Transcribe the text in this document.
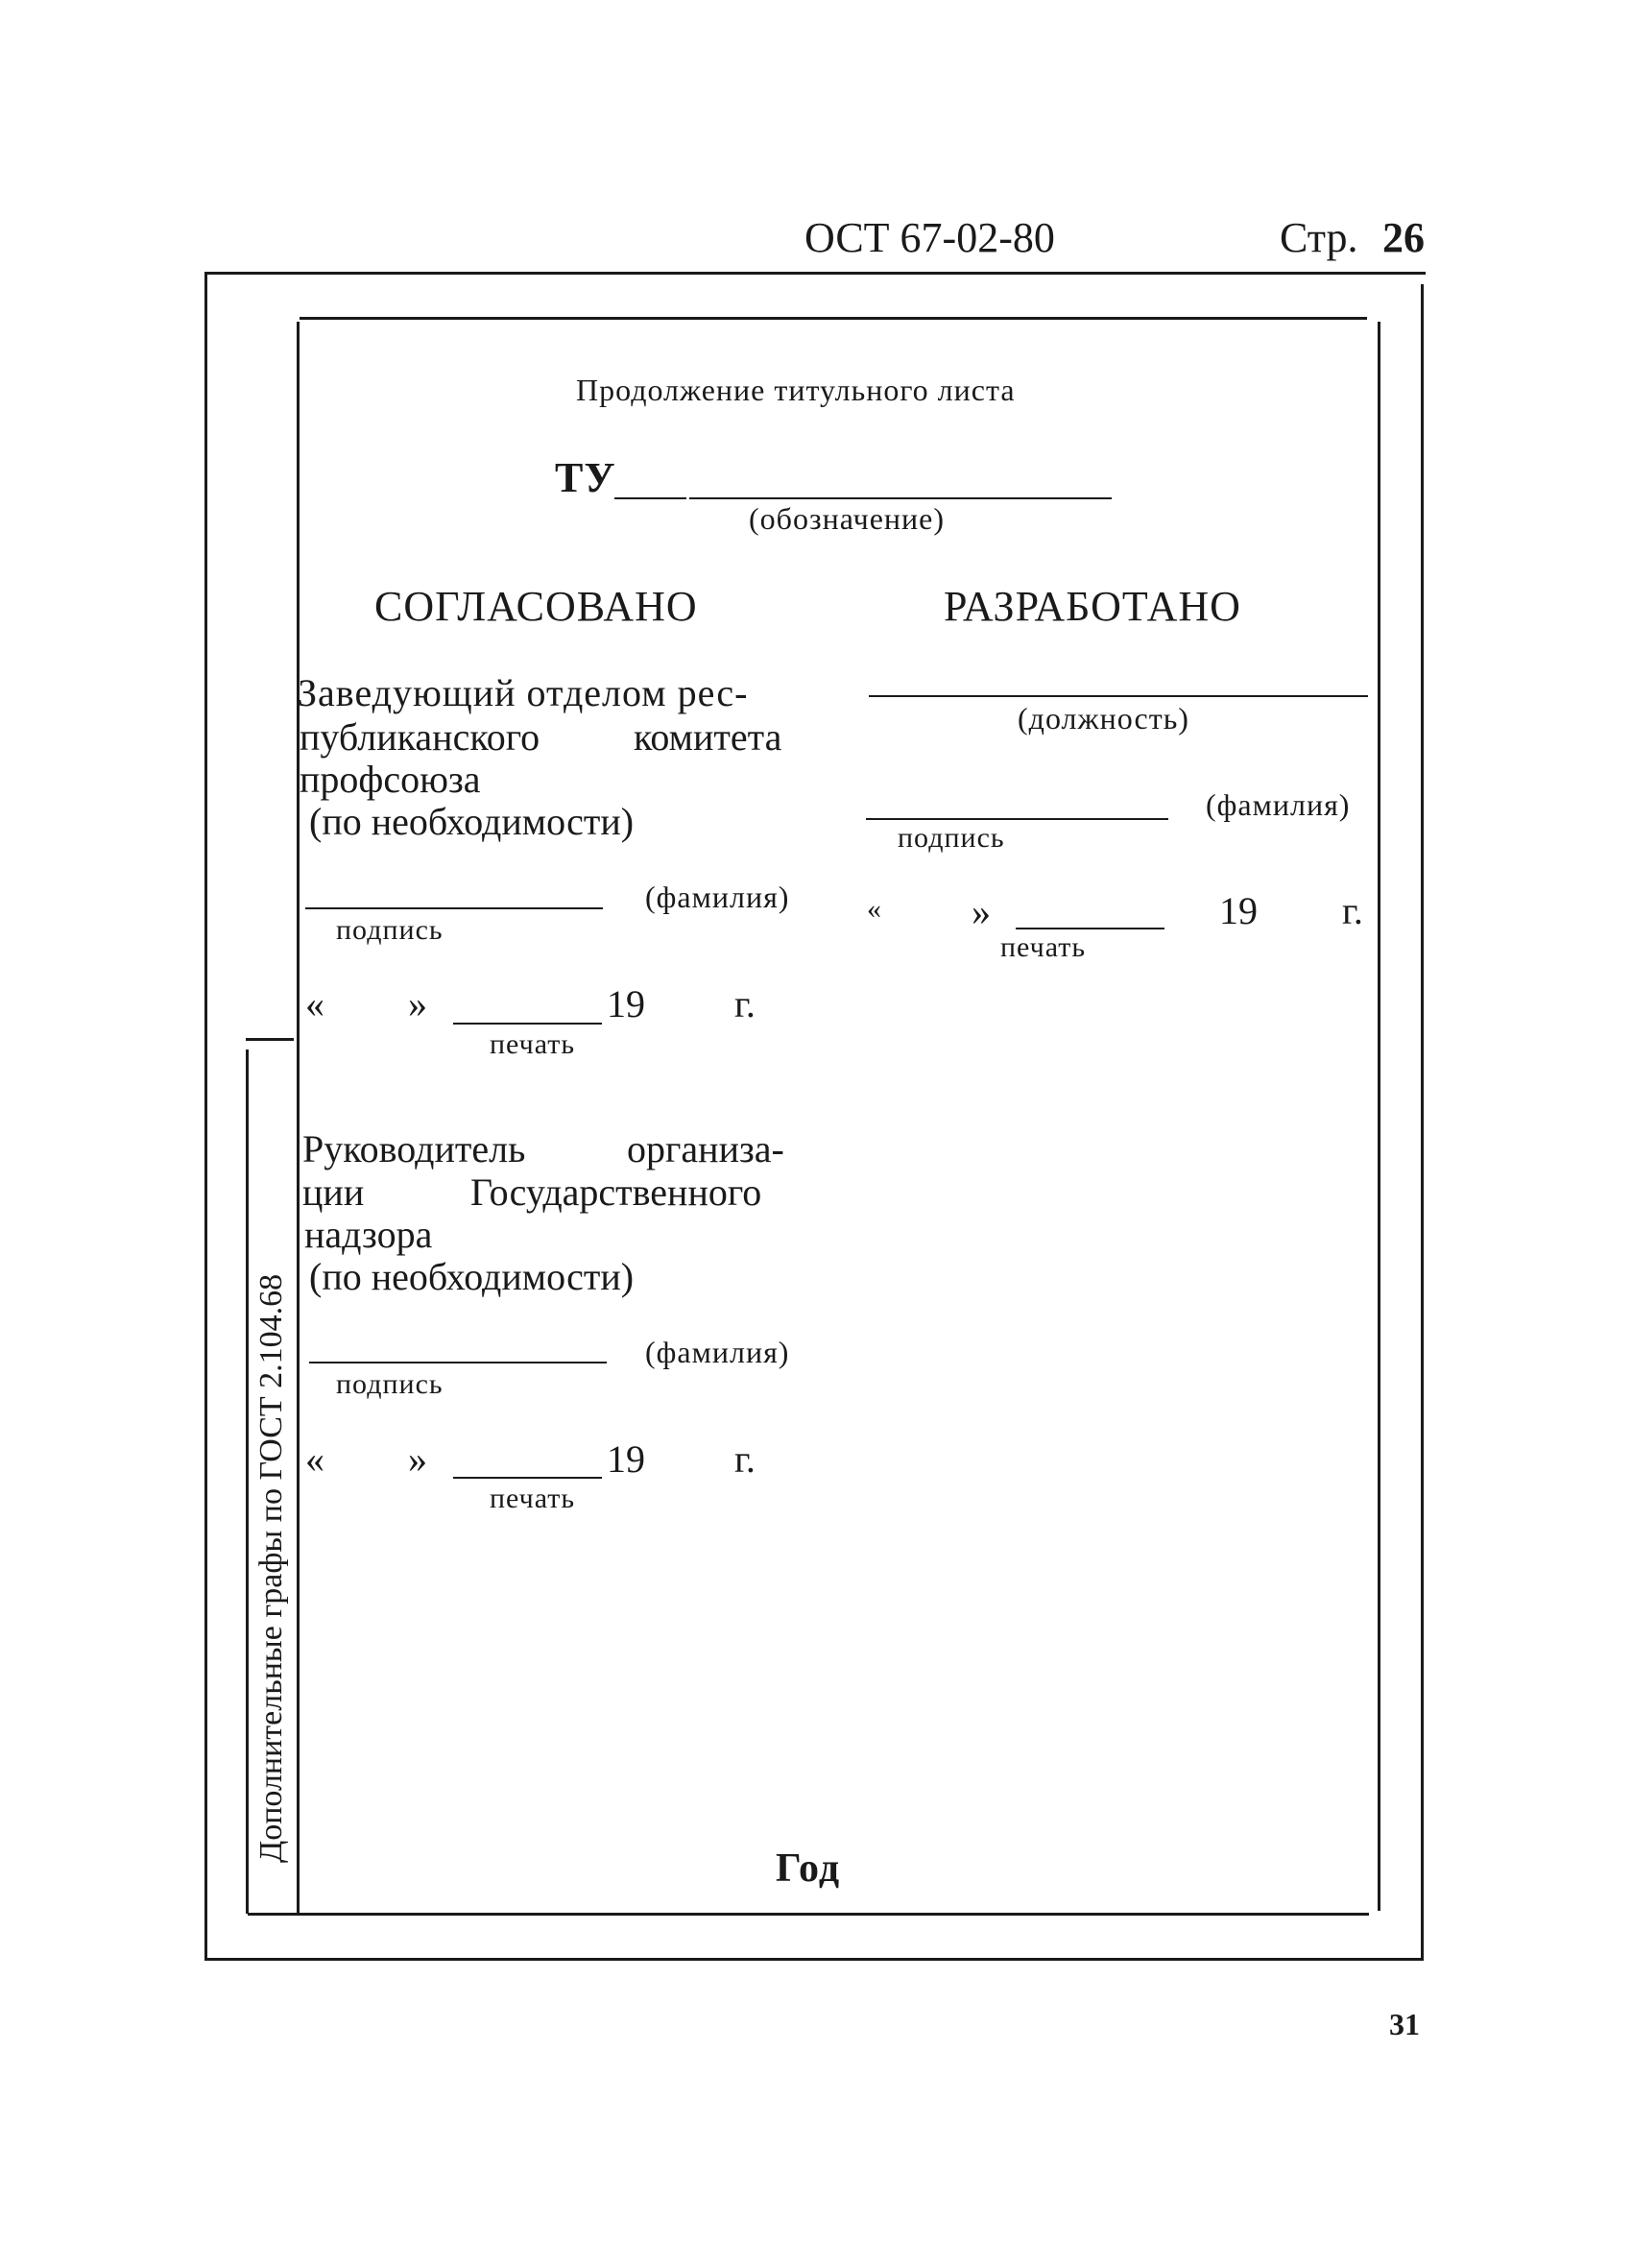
ОСТ 67-02-80	Стр. 26
Дополнительные графы по ГОСТ 2.104.68
Продолжение титульного листа
ТУ
(обозначение)
СОГЛАСОВАНО	РАЗРАБОТАНО
Заведующий отделом рес-
публиканского комитета
профсоюза
(по необходимости)
(фамилия)
подпись
« »	19 г.
печать
Руководитель	организа-
ции	Государственного
надзора
(по необходимости)
(фамилия)
подпись
« »	19 г.
печать
(должность)
(фамилия)
подпись
« »	19 г.
печать
Год
31
